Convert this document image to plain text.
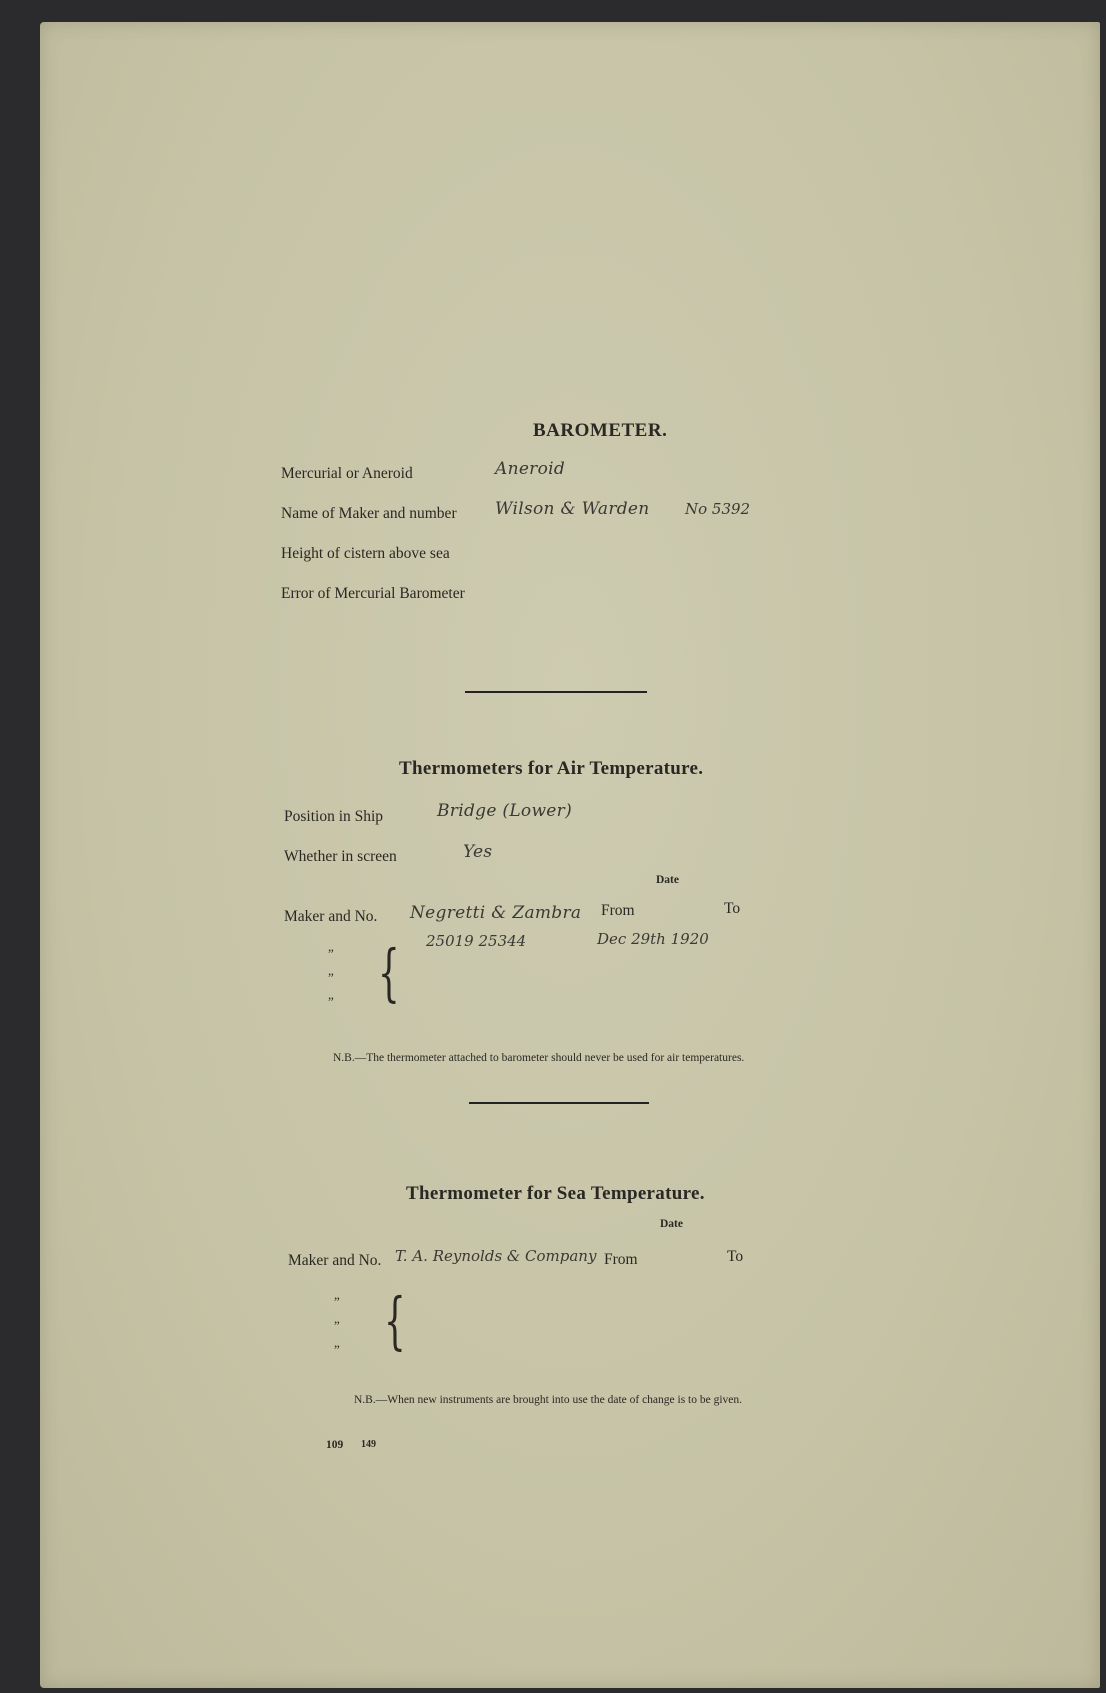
BAROMETER.
Mercurial or Aneroid	Aneroid
Name of Maker and number Wilson & Warden No 5392
Height of cistern above sea
Error of Mercurial Barometer
Thermometers for Air Temperature.
Position in Ship	Bridge (Lower)
Whether in screen	Yes
Date
Maker and No. Negretti & Zambra From	To
25019 25344	Dec 29th 1920
”
”
” {
N.B.—The thermometer attached to barometer should never be used for air temperatures.
Thermometer for Sea Temperature.
Date
Maker and No. T. A. Reynolds & Company From	To
”
”
” {
N.B.—When new instruments are brought into use the date of change is to be given.
109 149
